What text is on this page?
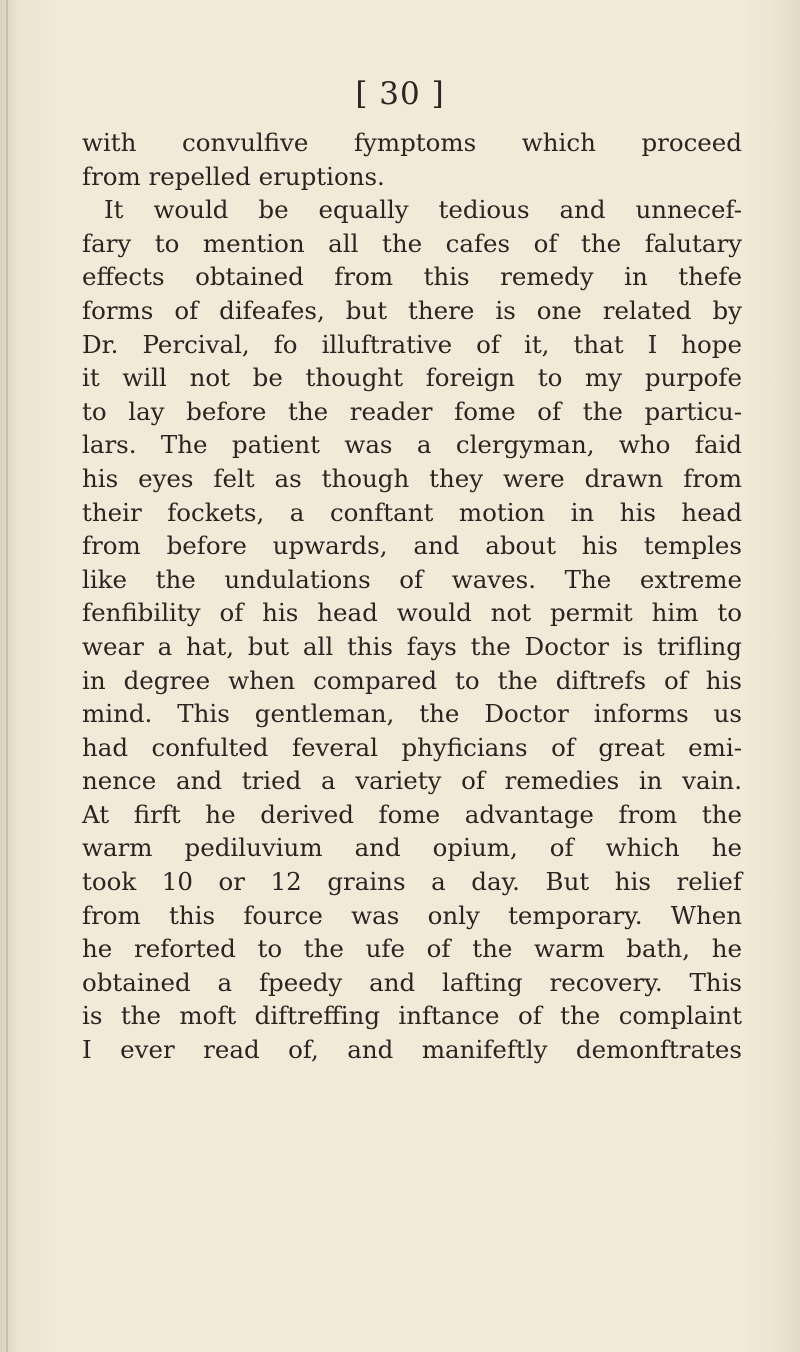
[ 30 ]
with convulfive fymptoms which proceed
from repelled eruptions.
It would be equally tedious and unnecef-
fary to mention all the cafes of the falutary
effects obtained from this remedy in thefe
forms of difeafes, but there is one related by
Dr. Percival, fo illuftrative of it, that I hope
it will not be thought foreign to my purpofe
to lay before the reader fome of the particu-
lars. The patient was a clergyman, who faid
his eyes felt as though they were drawn from
their fockets, a conftant motion in his head
from before upwards, and about his temples
like the undulations of waves. The extreme
fenfibility of his head would not permit him to
wear a hat, but all this fays the Doctor is trifling
in degree when compared to the diftrefs of his
mind. This gentleman, the Doctor informs us
had confulted feveral phyficians of great emi-
nence and tried a variety of remedies in vain.
At firft he derived fome advantage from the
warm pediluvium and opium, of which he
took 10 or 12 grains a day. But his relief
from this fource was only temporary. When
he reforted to the ufe of the warm bath, he
obtained a fpeedy and lafting recovery. This
is the moft diftreffing inftance of the complaint
I ever read of, and manifeftly demonftrates
